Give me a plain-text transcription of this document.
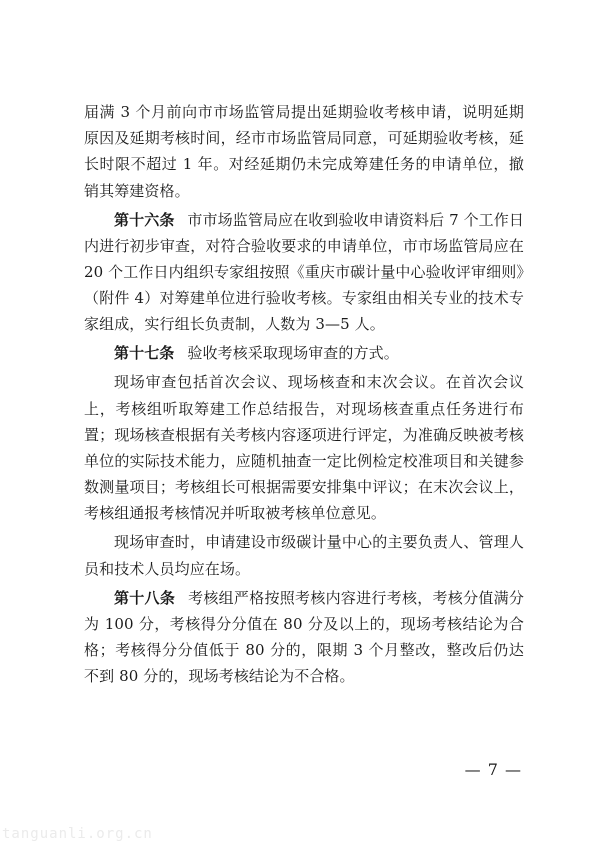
届满 3 个月前向市市场监管局提出延期验收考核申请，说明延期原因及延期考核时间，经市市场监管局同意，可延期验收考核，延长时限不超过 1 年。对经延期仍未完成筹建任务的申请单位，撤销其筹建资格。

第十六条 市市场监管局应在收到验收申请资料后 7 个工作日内进行初步审查，对符合验收要求的申请单位，市市场监管局应在 20 个工作日内组织专家组按照《重庆市碳计量中心验收评审细则》（附件 4）对筹建单位进行验收考核。专家组由相关专业的技术专家组成，实行组长负责制，人数为 3—5 人。

第十七条 验收考核采取现场审查的方式。

现场审查包括首次会议、现场核查和末次会议。在首次会议上，考核组听取筹建工作总结报告，对现场核查重点任务进行布置；现场核查根据有关考核内容逐项进行评定，为准确反映被考核单位的实际技术能力，应随机抽查一定比例检定校准项目和关键参数测量项目；考核组长可根据需要安排集中评议；在末次会议上，考核组通报考核情况并听取被考核单位意见。

现场审查时，申请建设市级碳计量中心的主要负责人、管理人员和技术人员均应在场。

第十八条 考核组严格按照考核内容进行考核，考核分值满分为 100 分，考核得分分值在 80 分及以上的，现场考核结论为合格；考核得分分值低于 80 分的，限期 3 个月整改，整改后仍达不到 80 分的，现场考核结论为不合格。

— 7 —
tanguanli.org.cn
